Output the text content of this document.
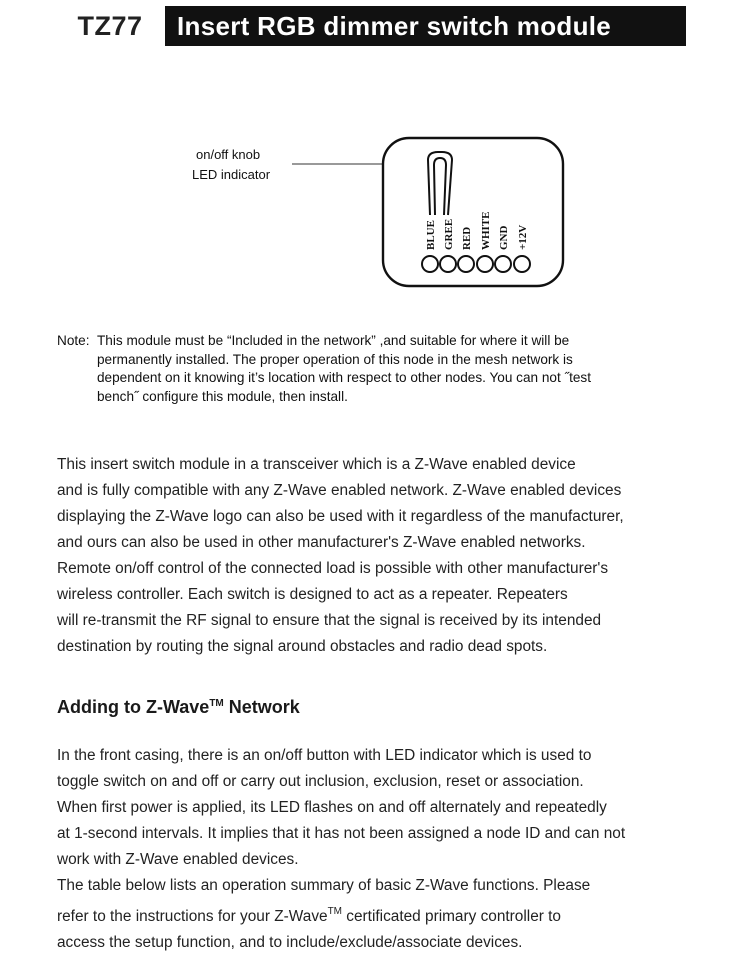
TZ77	Insert RGB dimmer switch module
BLUE GREE RED WHITE GND +12V
on/off knob
LED indicator
Note: This module must be “Included in the network” ,and suitable for where it will be
permanently installed. The proper operation of this node in the mesh network is
dependent on it knowing it’s location with respect to other nodes. You can not ˝test
bench˝ configure this module, then install.

This insert switch module in a transceiver which is a Z-Wave enabled device

and is fully compatible with any Z-Wave enabled network. Z-Wave enabled devices

displaying the Z-Wave logo can also be used with it regardless of the manufacturer,

and ours can also be used in other manufacturer's Z-Wave enabled networks.

Remote on/off control of the connected load is possible with other manufacturer's

wireless controller. Each switch is designed to act as a repeater. Repeaters

will re-transmit the RF signal to ensure that the signal is received by its intended

destination by routing the signal around obstacles and radio dead spots.

Adding to Z-Wave™ Network

In the front casing, there is an on/off button with LED indicator which is used to

toggle switch on and off or carry out inclusion, exclusion, reset or association.

When first power is applied, its LED flashes on and off alternately and repeatedly

at 1-second intervals. It implies that it has not been assigned a node ID and can not

work with Z-Wave enabled devices.

The table below lists an operation summary of basic Z-Wave functions. Please

refer to the instructions for your Z-Wave™ certificated primary controller to

access the setup function, and to include/exclude/associate devices.
